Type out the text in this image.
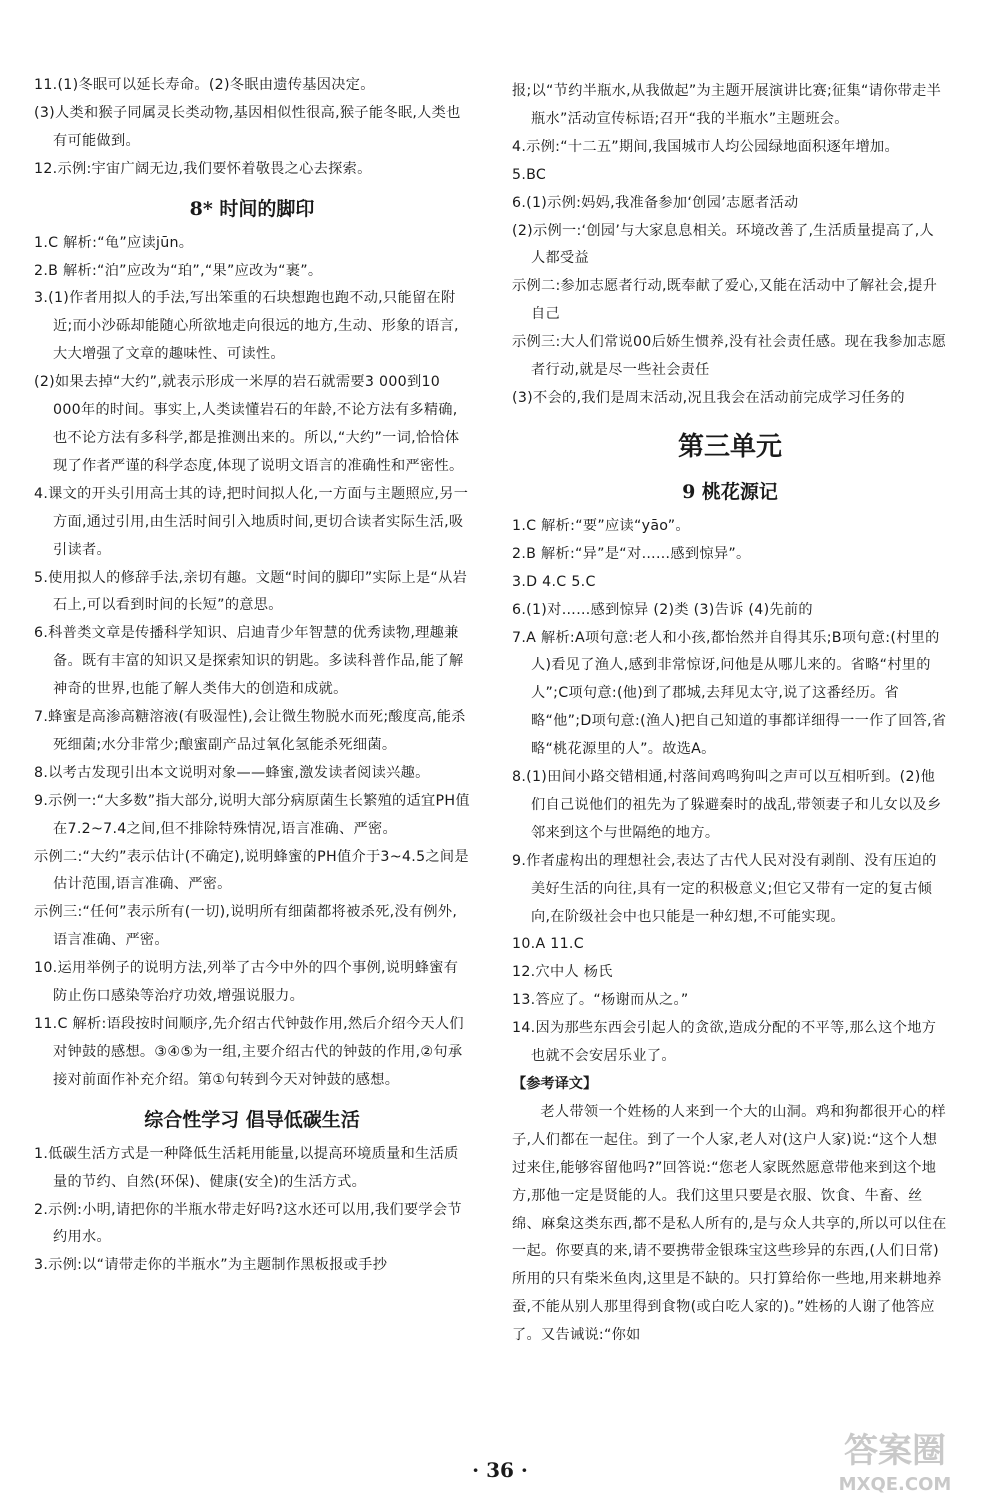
11.(1)冬眠可以延长寿命。(2)冬眠由遗传基因决定。

(3)人类和猴子同属灵长类动物,基因相似性很高,猴子能冬眠,人类也有可能做到。

12.示例:宇宙广阔无边,我们要怀着敬畏之心去探索。

8* 时间的脚印

1.C 解析:“龟”应读jūn。

2.B 解析:“泊”应改为“珀”,“果”应改为“裹”。

3.(1)作者用拟人的手法,写出笨重的石块想跑也跑不动,只能留在附近;而小沙砾却能随心所欲地走向很远的地方,生动、形象的语言,大大增强了文章的趣味性、可读性。

(2)如果去掉“大约”,就表示形成一米厚的岩石就需要3 000到10 000年的时间。事实上,人类读懂岩石的年龄,不论方法有多精确,也不论方法有多科学,都是推测出来的。所以,“大约”一词,恰恰体现了作者严谨的科学态度,体现了说明文语言的准确性和严密性。

4.课文的开头引用高士其的诗,把时间拟人化,一方面与主题照应,另一方面,通过引用,由生活时间引入地质时间,更切合读者实际生活,吸引读者。

5.使用拟人的修辞手法,亲切有趣。文题“时间的脚印”实际上是“从岩石上,可以看到时间的长短”的意思。

6.科普类文章是传播科学知识、启迪青少年智慧的优秀读物,理趣兼备。既有丰富的知识又是探索知识的钥匙。多读科普作品,能了解神奇的世界,也能了解人类伟大的创造和成就。

7.蜂蜜是高渗高糖溶液(有吸湿性),会让微生物脱水而死;酸度高,能杀死细菌;水分非常少;酿蜜副产品过氧化氢能杀死细菌。

8.以考古发现引出本文说明对象——蜂蜜,激发读者阅读兴趣。

9.示例一:“大多数”指大部分,说明大部分病原菌生长繁殖的适宜PH值在7.2~7.4之间,但不排除特殊情况,语言准确、严密。

示例二:“大约”表示估计(不确定),说明蜂蜜的PH值介于3~4.5之间是估计范围,语言准确、严密。

示例三:“任何”表示所有(一切),说明所有细菌都将被杀死,没有例外,语言准确、严密。

10.运用举例子的说明方法,列举了古今中外的四个事例,说明蜂蜜有防止伤口感染等治疗功效,增强说服力。

11.C 解析:语段按时间顺序,先介绍古代钟鼓作用,然后介绍今天人们对钟鼓的感想。③④⑤为一组,主要介绍古代的钟鼓的作用,②句承接对前面作补充介绍。第①句转到今天对钟鼓的感想。

综合性学习 倡导低碳生活

1.低碳生活方式是一种降低生活耗用能量,以提高环境质量和生活质量的节约、自然(环保)、健康(安全)的生活方式。

2.示例:小明,请把你的半瓶水带走好吗?这水还可以用,我们要学会节约用水。

3.示例:以“请带走你的半瓶水”为主题制作黑板报或手抄

报;以“节约半瓶水,从我做起”为主题开展演讲比赛;征集“请你带走半瓶水”活动宣传标语;召开“我的半瓶水”主题班会。

4.示例:“十二五”期间,我国城市人均公园绿地面积逐年增加。

5.BC

6.(1)示例:妈妈,我准备参加‘创园’志愿者活动

(2)示例一:‘创园’与大家息息相关。环境改善了,生活质量提高了,人人都受益

示例二:参加志愿者行动,既奉献了爱心,又能在活动中了解社会,提升自己

示例三:大人们常说00后娇生惯养,没有社会责任感。现在我参加志愿者行动,就是尽一些社会责任

(3)不会的,我们是周末活动,况且我会在活动前完成学习任务的

第三单元
9 桃花源记

1.C 解析:“要”应读“yāo”。

2.B 解析:“异”是“对……感到惊异”。

3.D 4.C 5.C

6.(1)对……感到惊异 (2)类 (3)告诉 (4)先前的

7.A 解析:A项句意:老人和小孩,都怡然并自得其乐;B项句意:(村里的人)看见了渔人,感到非常惊讶,问他是从哪儿来的。省略“村里的人”;C项句意:(他)到了郡城,去拜见太守,说了这番经历。省略“他”;D项句意:(渔人)把自己知道的事都详细得一一作了回答,省略“桃花源里的人”。故选A。

8.(1)田间小路交错相通,村落间鸡鸣狗叫之声可以互相听到。(2)他们自己说他们的祖先为了躲避秦时的战乱,带领妻子和儿女以及乡邻来到这个与世隔绝的地方。

9.作者虚构出的理想社会,表达了古代人民对没有剥削、没有压迫的美好生活的向往,具有一定的积极意义;但它又带有一定的复古倾向,在阶级社会中也只能是一种幻想,不可能实现。

10.A 11.C

12.穴中人 杨氏

13.答应了。“杨谢而从之。”

14.因为那些东西会引起人的贪欲,造成分配的不平等,那么这个地方也就不会安居乐业了。

【参考译文】

老人带领一个姓杨的人来到一个大的山洞。鸡和狗都很开心的样子,人们都在一起住。到了一个人家,老人对(这户人家)说:“这个人想过来住,能够容留他吗?”回答说:“您老人家既然愿意带他来到这个地方,那他一定是贤能的人。我们这里只要是衣服、饮食、牛畜、丝绵、麻枲这类东西,都不是私人所有的,是与众人共享的,所以可以住在一起。你要真的来,请不要携带金银珠宝这些珍异的东西,(人们日常)所用的只有柴米鱼肉,这里是不缺的。只打算给你一些地,用来耕地养蚕,不能从别人那里得到食物(或白吃人家的)。”姓杨的人谢了他答应了。又告诫说:“你如

· 36 ·	答案圈
MXQE.COM
